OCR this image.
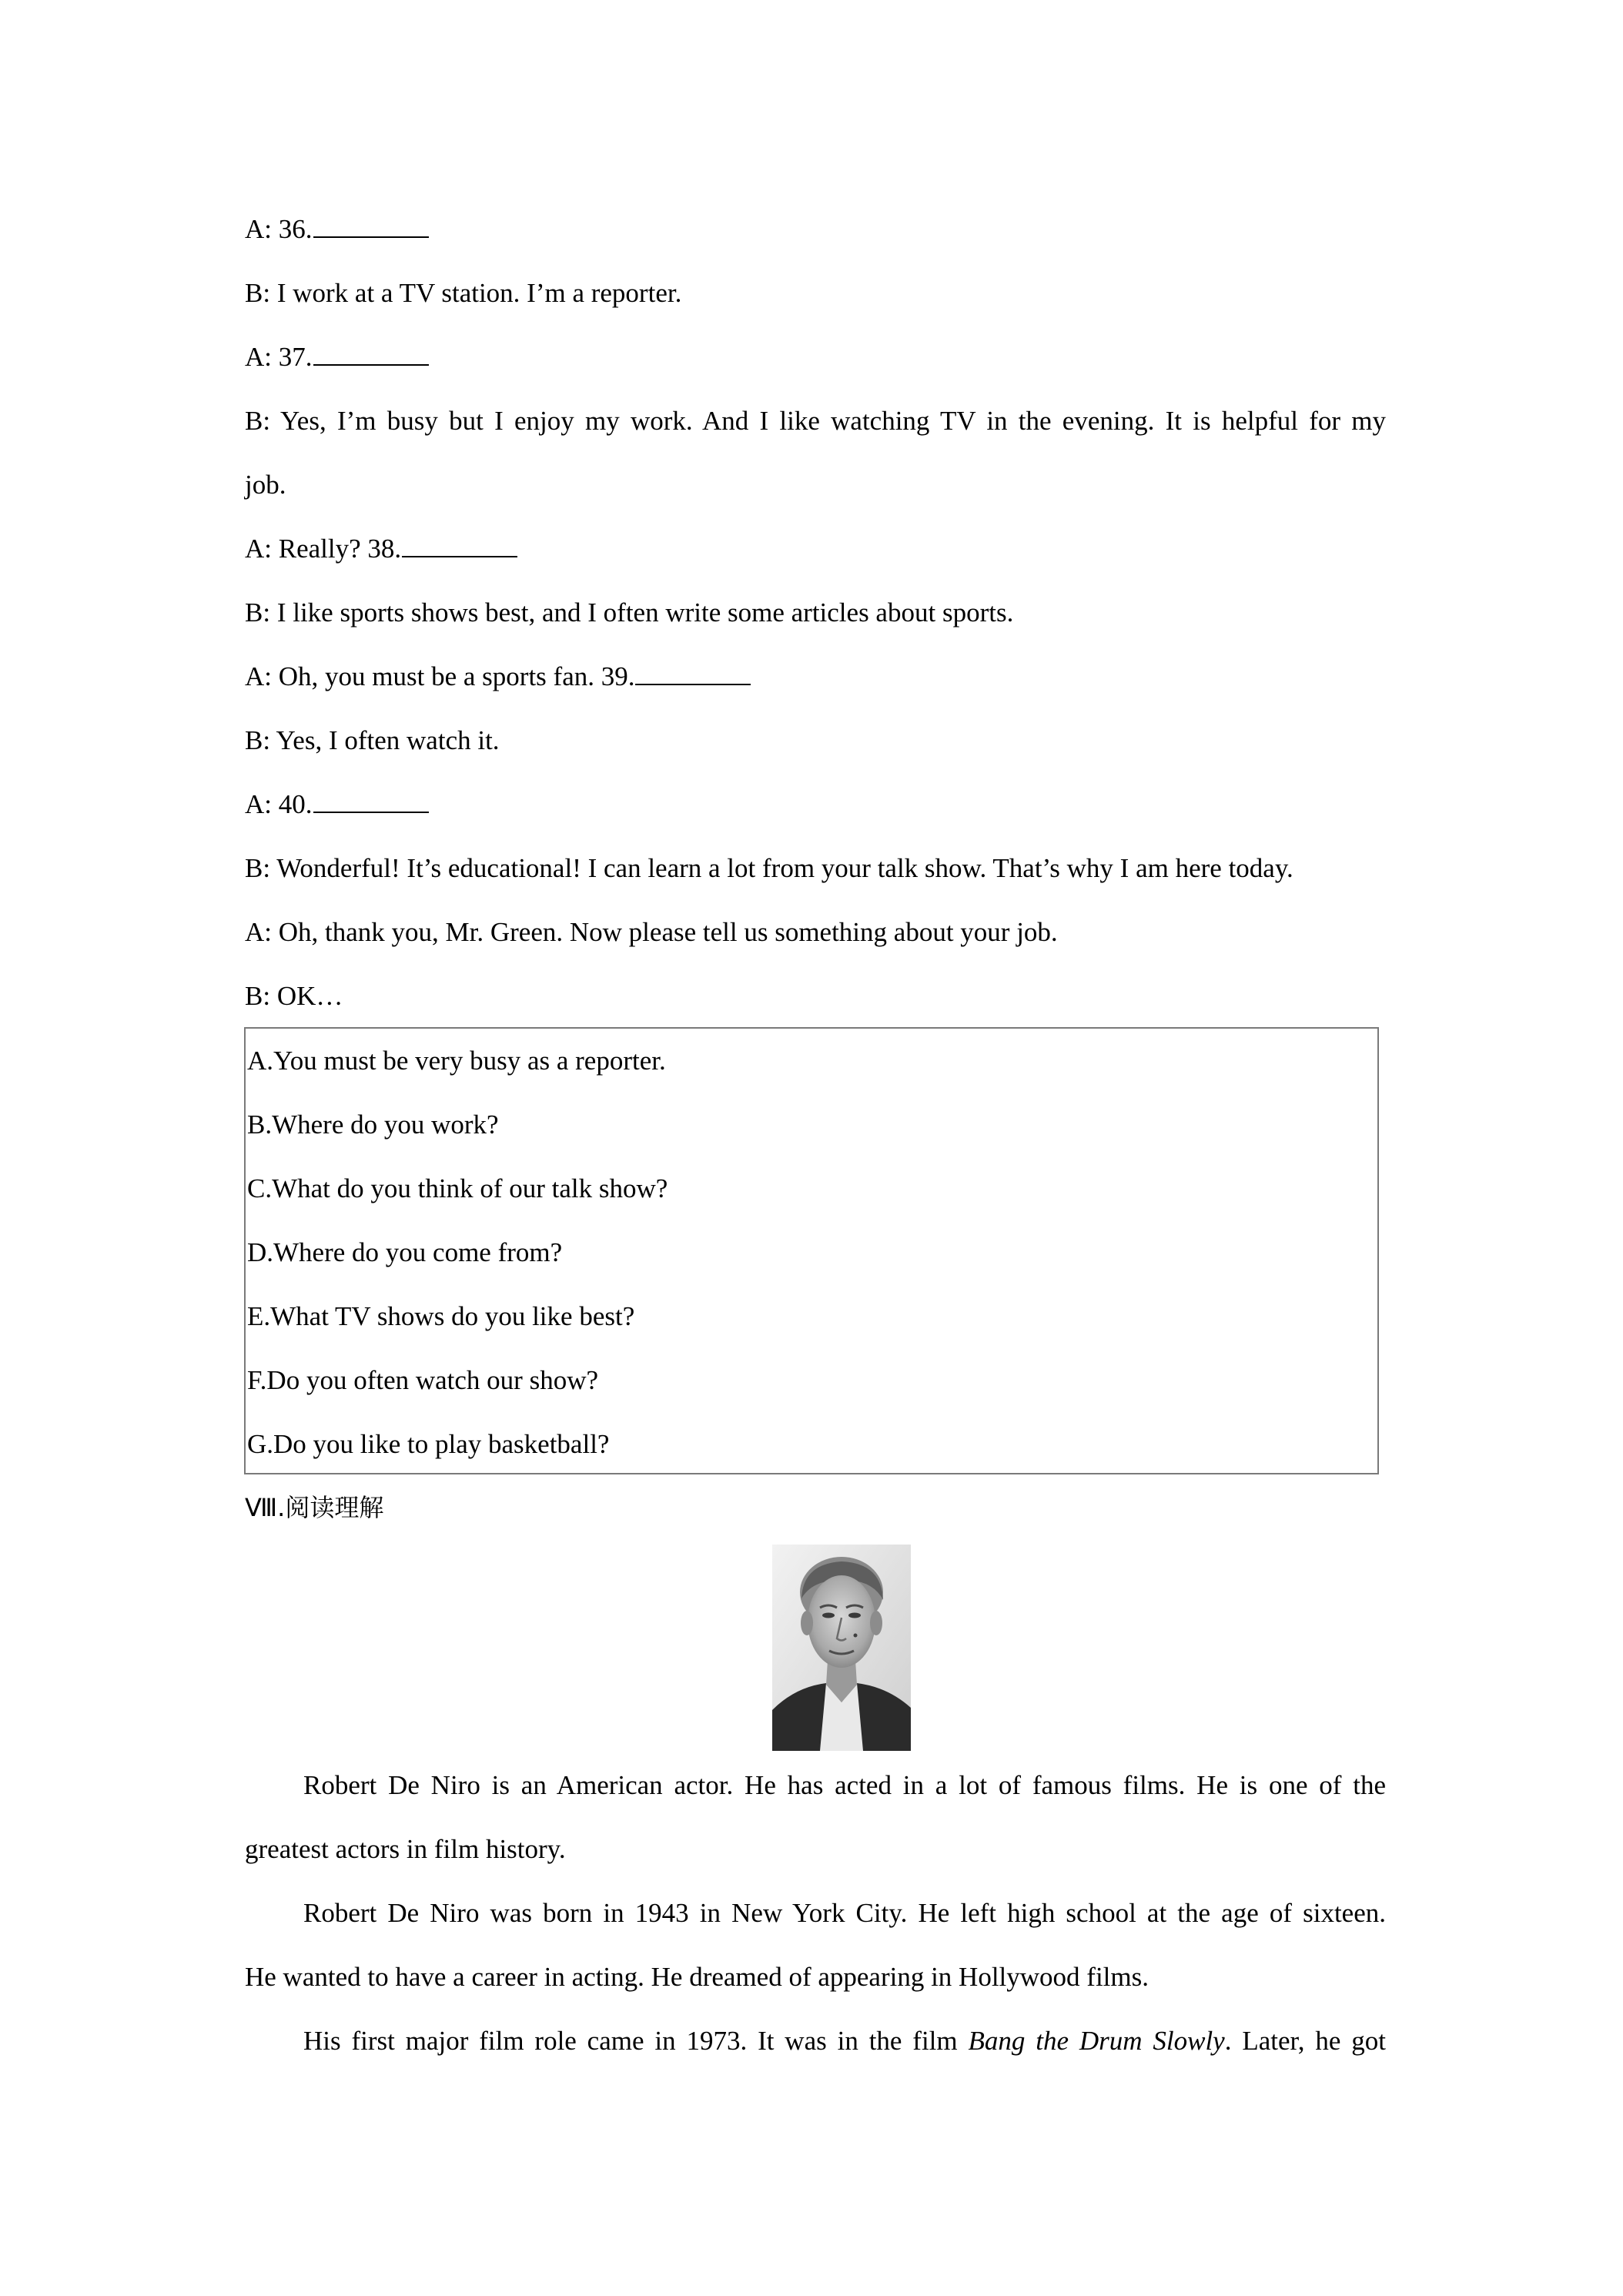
A: 36.
B: I work at a TV station. I’m a reporter.
A: 37.
B: Yes, I’m busy but I enjoy my work. And I like watching TV in the evening. It is helpful for my
job.
A: Really? 38.
B: I like sports shows best, and I often write some articles about sports.
A: Oh, you must be a sports fan. 39.
B: Yes, I often watch it.
A: 40.
B: Wonderful! It’s educational! I can learn a lot from your talk show. That’s why I am here today.
A: Oh, thank you, Mr. Green. Now please tell us something about your job.
B: OK…
A.You must be very busy as a reporter.
B.Where do you work?
C.What do you think of our talk show?
D.Where do you come from?
E.What TV shows do you like best?
F.Do you often watch our show?
G.Do you like to play basketball?
Ⅷ.阅读理解
Robert De Niro is an American actor. He has acted in a lot of famous films. He is one of the
greatest actors in film history.
Robert De Niro was born in 1943 in New York City. He left high school at the age of sixteen.
He wanted to have a career in acting. He dreamed of appearing in Hollywood films.
His first major film role came in 1973. It was in the film Bang the Drum Slowly. Later, he got
